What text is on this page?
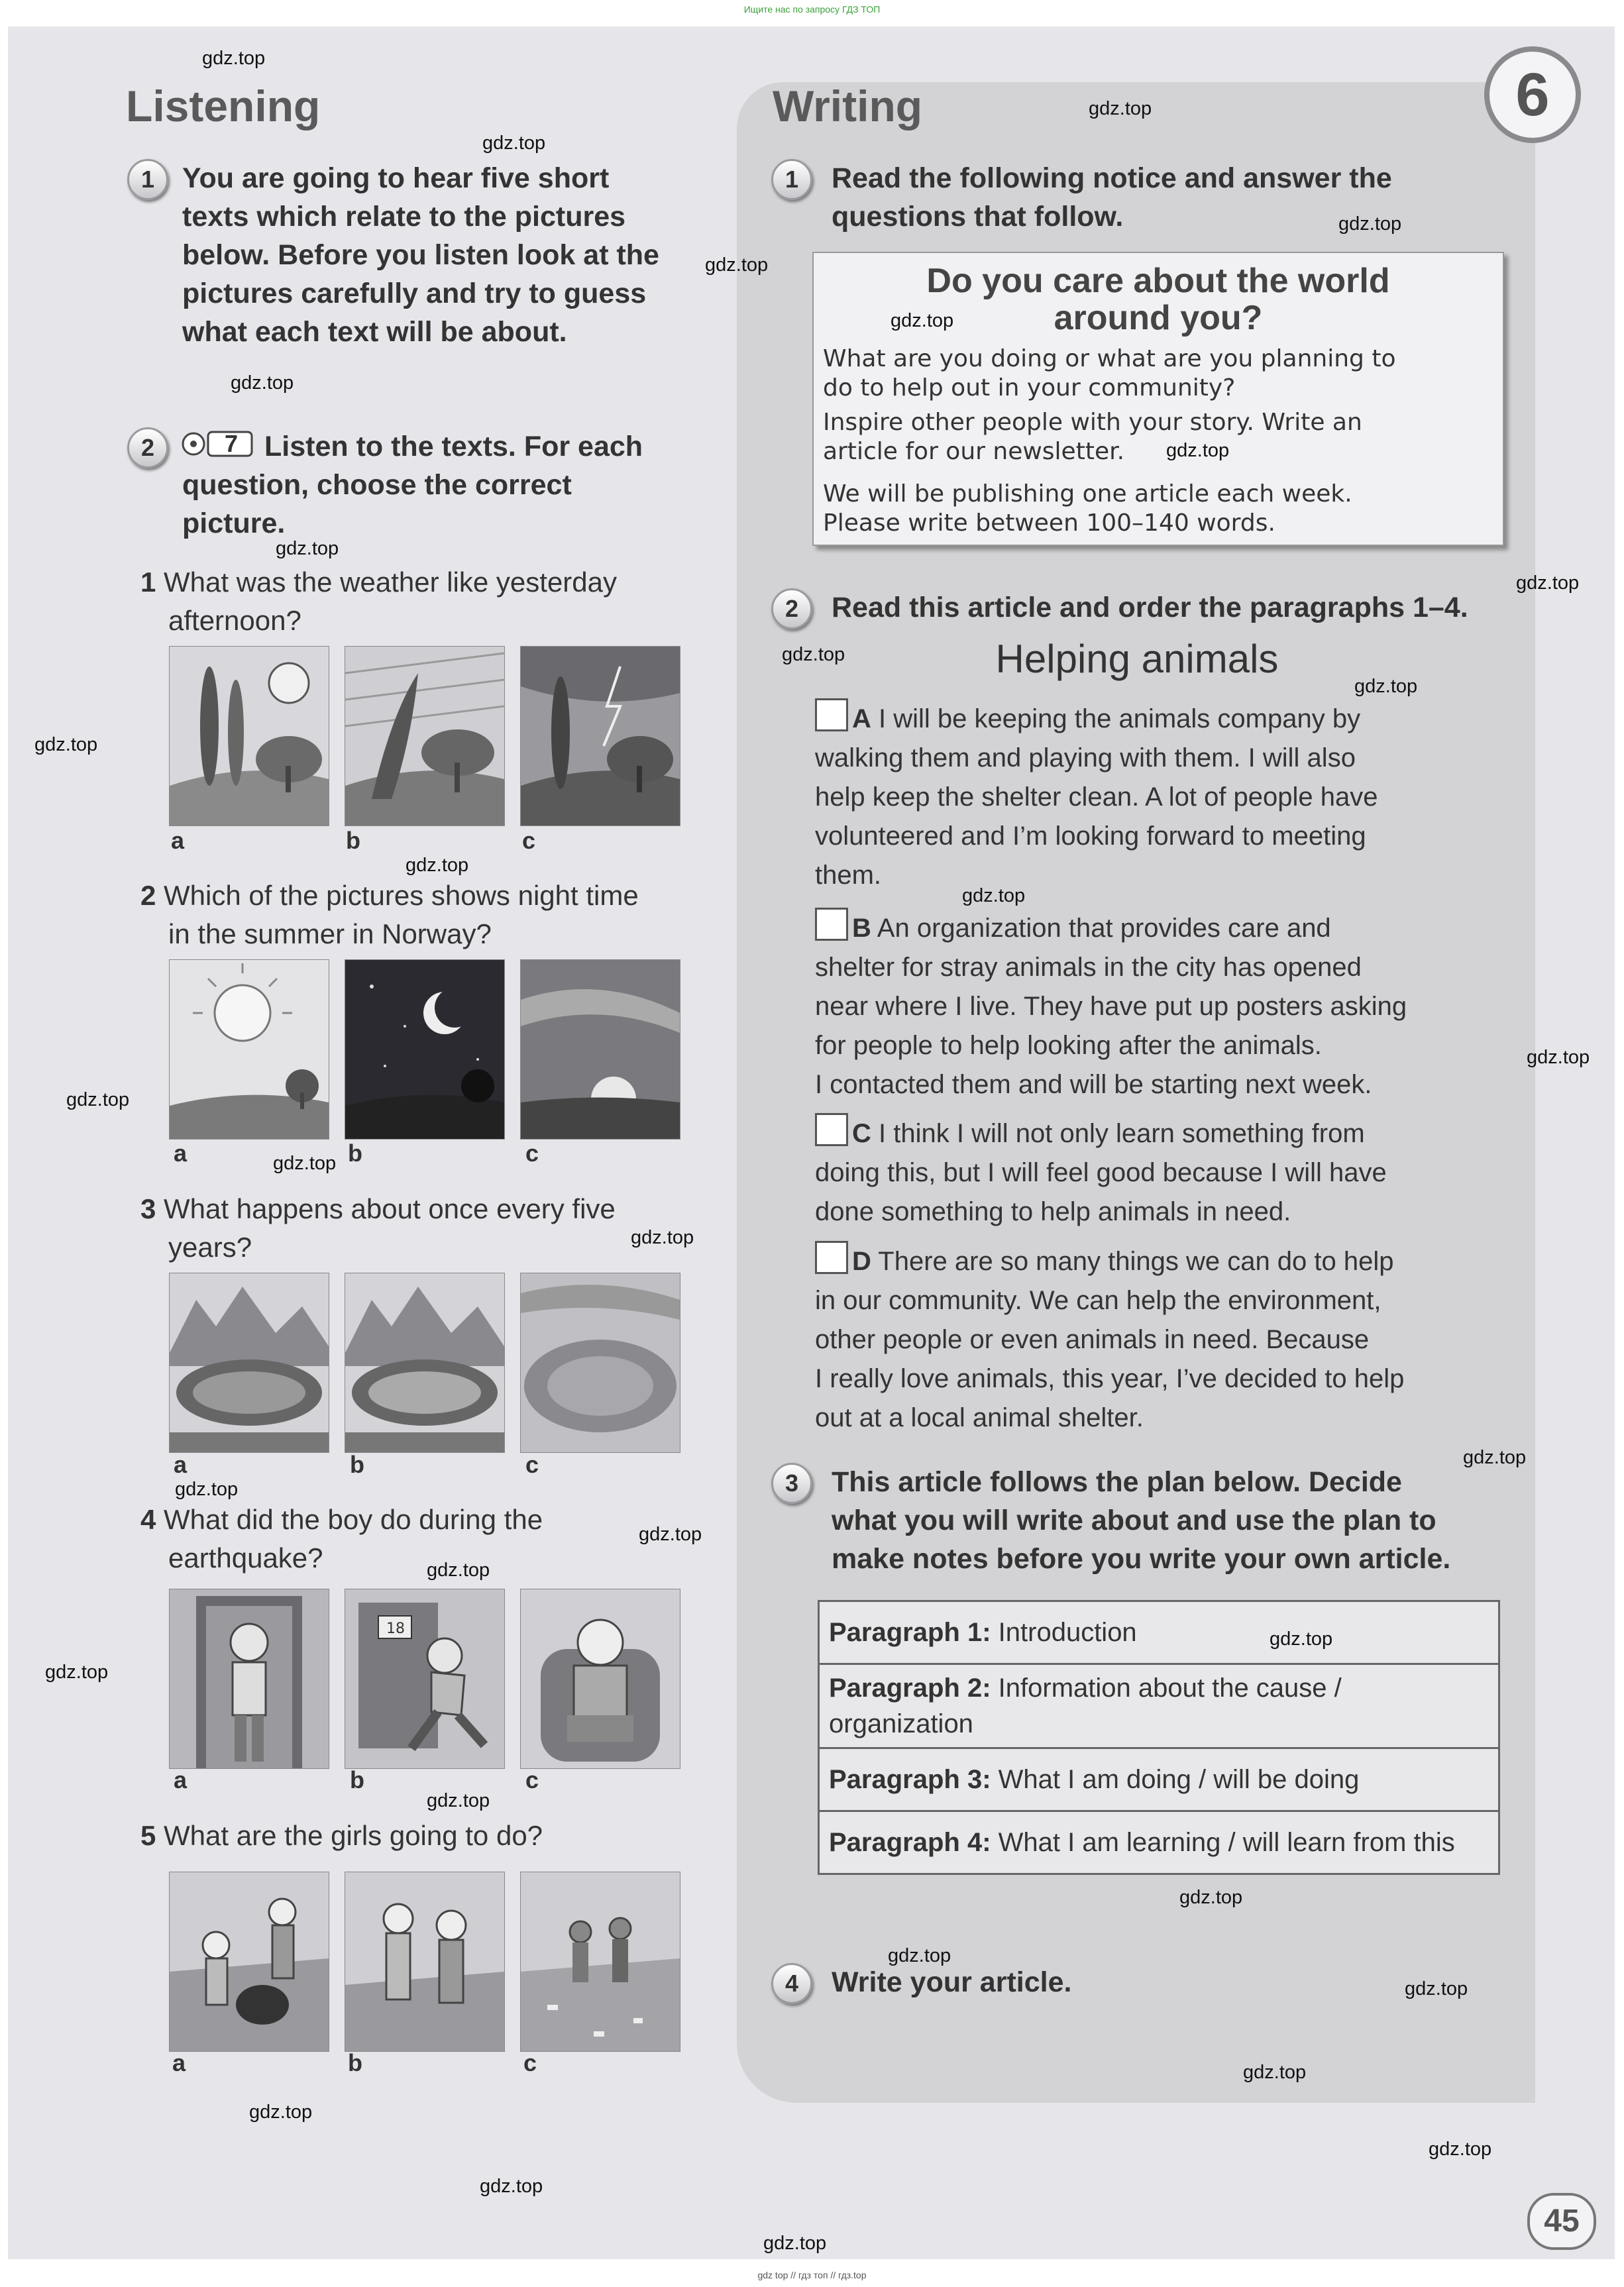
Ищите нас по запросу ГДЗ ТОП
6
Listening
1 You are going to hear five short
texts which relate to the pictures
below. Before you listen look at the
pictures carefully and try to guess
what each text will be about.
2	7 Listen to the texts. For each
question, choose the correct
picture.
1 What was the weather like yesterday
afternoon?
a	b	c
2 Which of the pictures shows night time
in the summer in Norway?
a	b	c
3 What happens about once every five
years?
a	b	c
4 What did the boy do during the
earthquake?
18
a	b	c
5 What are the girls going to do?
a	b	c
Writing
1	Read the following notice and answer the
questions that follow.
Do you care about the world
around you?
What are you doing or what are you planning to
do to help out in your community?
Inspire other people with your story. Write an
article for our newsletter.
We will be publishing one article each week.
Please write between 100–140 words.
2	Read this article and order the paragraphs 1–4.
Helping animals
A I will be keeping the animals company by
walking them and playing with them. I will also
help keep the shelter clean. A lot of people have
volunteered and I’m looking forward to meeting
them.
B An organization that provides care and
shelter for stray animals in the city has opened
near where I live. They have put up posters asking
for people to help looking after the animals.
I contacted them and will be starting next week.
C I think I will not only learn something from
doing this, but I will feel good because I will have
done something to help animals in need.
D There are so many things we can do to help
in our community. We can help the environment,
other people or even animals in need. Because
I really love animals, this year, I’ve decided to help
out at a local animal shelter.
3	This article follows the plan below. Decide
what you will write about and use the plan to
make notes before you write your own article.
Paragraph 1: Introduction
Paragraph 2: Information about the cause / organization
Paragraph 3: What I am doing / will be doing
Paragraph 4: What I am learning / will learn from this
4	Write your article.
45
gdz.top
gdz.top
gdz.top
gdz.top
gdz.top
gdz.top
gdz.top
gdz.top
gdz.top
gdz.top
gdz.top
gdz.top
gdz.top
gdz.top
gdz.top
gdz.top
gdz.top
gdz.top
gdz.top
gdz.top
gdz.top
gdz.top
gdz.top
gdz.top
gdz.top
gdz.top
gdz.top
gdz.top
gdz.top
gdz.top
gdz.top
gdz.top
gdz.top
gdz.top
gdz top // гдз топ // гдз.top
